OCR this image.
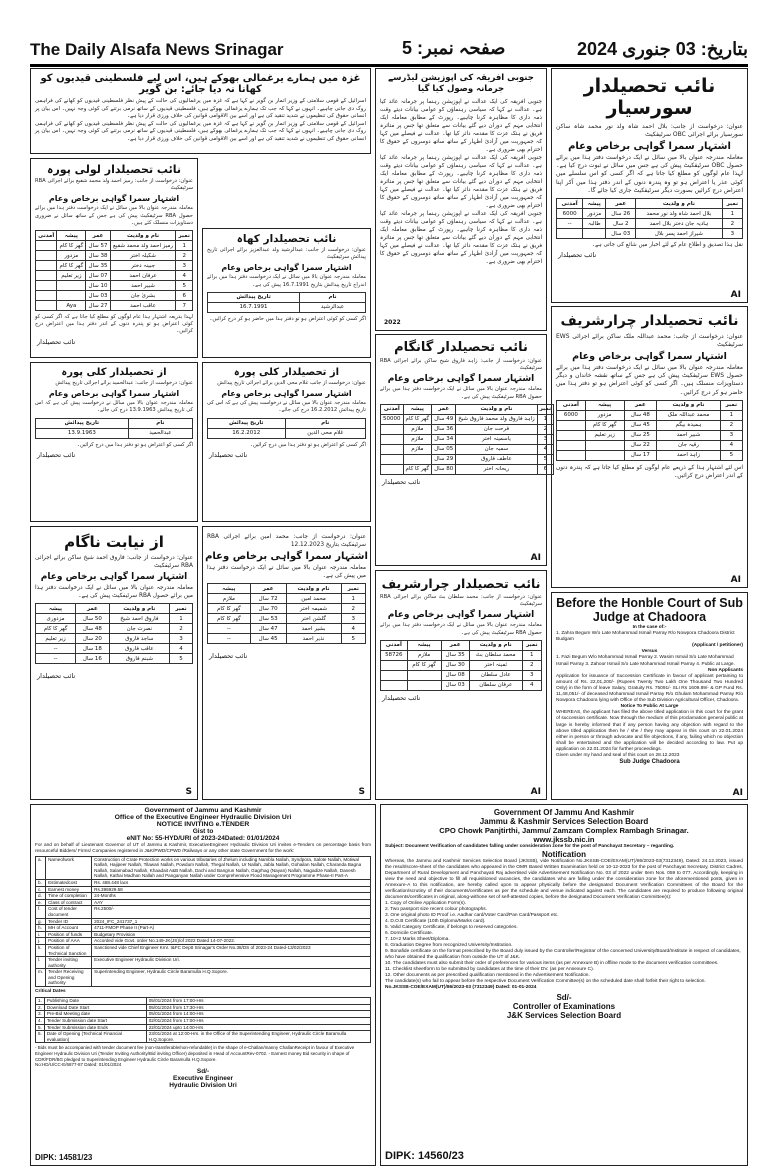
The Daily Alsafa News Srinagar	صفحہ نمبر: 5	بتاریخ: 03 جنوری 2024
نائب تحصیلدار سورسیار
عنوان: درخواست از جانب: بلال احمد شاہ ولد نور محمد شاہ ساکن سورسیار برائے اجرائی OBC سرٹیفکیٹ
اشتہار سمرا گواہی برخاص وعام
معاملہ مندرجہ عنوان بالا میں سائل نے ایک درخواست دفتر ہذا میں برائے حصول OBC سرٹیفکیٹ پیش کی ہے جس میں سائل نے ثبوت درج کیا ہے۔ لہذا عام لوگوں کو مطلع کیا جاتا ہے کہ اگر کسی کو اس سلسلے میں کوئی عذر یا اعتراض ہو تو وہ پندرہ دنوں کے اندر دفتر ہذا میں آکر اپنا اعتراض درج کرائیں بصورت دیگر سرٹیفکیٹ جاری کیا جائے گا۔
نمبر	نام و ولدیت	عمر	پیشہ	آمدنی
1	بلال احمد شاہ ولد نور محمد	26 سال	مزدور	6000
2	ہادیہ جان دختر بلال احمد	2 سال	طالبہ	--
3	شیراز احمد پسر بلال	03 سال		
نقل ہذا تصدیق و اطلاع عام کے لئے اخبار میں شائع کی جاتی ہے۔
نائب تحصیلدار
AI
نائب تحصیلدار چرارشریف
عنوان: درخواست از جانب: محمد عبداللہ ملک ساکن برائے اجرائی EWS سرٹیفکیٹ
اشتہار سمرا گواہی برخاص وعام
معاملہ مندرجہ عنوان بالا میں سائل نے ایک درخواست دفتر ہذا میں برائے حصول EWS سرٹیفکیٹ پیش کی ہے جس کے ساتھ نقشہ خاندان و دیگر دستاویزات منسلک ہیں۔ اگر کسی کو کوئی اعتراض ہو تو دفتر ہذا میں حاضر ہو کر درج کرائیں۔
نمبر	نام و ولدیت	عمر	پیشہ	آمدنی
1	محمد عبداللہ ملک	48 سال	مزدور	6000
2	ہمیدہ بیگم	45 سال	گھر کا کام	
3	شبیر احمد	25 سال	زیر تعلیم	
4	رقیہ جان	22 سال		
5	زاہد احمد	17 سال		
اس لئے اشتہار ہذا کے ذریعے عام لوگوں کو مطلع کیا جاتا ہے کہ پندرہ دنوں کے اندر اعتراض درج کرائیں۔
AI
Before the Honble Court of Sub Judge at Chadoora
In the case of:-
1. Zahra Begum W/o Late Mohammad Ismail Parray R/o Nowpora Chadoora District Budgam
(Applicant / petitioner)
Versus
1. Fazi Begum W/o Mohammad Ismail Parray 2. Wasim Ismail S/o Late Mohammad Ismail Parray 3. Zahoor Ismail S/o Late Mohammad Ismail Parray 4. Public at Large.
Non Applicants
Application for issuance of Succession Certificate in favour of applicant pertaining to amount of Rs. 22,01,200/- (Rupees Twenty Two Lakh One Thousand Two Hundred Only) in the form of leave Salary, Gratuity Rs. 75091/- SLI Rs 1609.89/- & GP Fund Rs. 11,48,051/- of deceased Mohammad Ismail Parray R/o Ghulam Mohammad Parray R/o Nowpora Chadoora lying with Office of the Sub Division Agricultural Officer, Chadoora.
Notice To Public At Large
WHEREAS, the applicant has filed the above titled application in this court for the grant of succession certificate. Now through the medium of this proclamation general public at large is hereby informed that if any person having any objection with regard to the above titled application then he / she / they may appear in this court on 22.01.2024 either in person or through advocate and file objections, if any, failing which no objection shall be entertained and the application will be decided according to law. Put up application on 22.01.2024 for further proceedings.
Given under my hand and seal of this court on 28.12.2023
Sub Judge Chadoora
AI
جنوبی افریقہ کی اپوزیشن لیڈرسے جرمانہ وصول کیا گیا
جنوبی افریقہ کی ایک عدالت نے اپوزیشن رہنما پر جرمانہ عائد کیا ہے۔ عدالت نے کہا کہ سیاسی رہنماؤں کو عوامی بیانات دیتے وقت ذمہ داری کا مظاہرہ کرنا چاہیے۔ رپورٹ کے مطابق معاملہ ایک انتخابی مہم کے دوران دیے گئے بیانات سے متعلق تھا جس پر متاثرہ فریق نے ہتک عزت کا مقدمہ دائر کیا تھا۔ عدالت نے فیصلے میں کہا کہ جمہوریت میں آزادیٔ اظہار کے ساتھ ساتھ دوسروں کے حقوق کا احترام بھی ضروری ہے۔
جنوبی افریقہ کی ایک عدالت نے اپوزیشن رہنما پر جرمانہ عائد کیا ہے۔ عدالت نے کہا کہ سیاسی رہنماؤں کو عوامی بیانات دیتے وقت ذمہ داری کا مظاہرہ کرنا چاہیے۔ رپورٹ کے مطابق معاملہ ایک انتخابی مہم کے دوران دیے گئے بیانات سے متعلق تھا جس پر متاثرہ فریق نے ہتک عزت کا مقدمہ دائر کیا تھا۔ عدالت نے فیصلے میں کہا کہ جمہوریت میں آزادیٔ اظہار کے ساتھ ساتھ دوسروں کے حقوق کا احترام بھی ضروری ہے۔
جنوبی افریقہ کی ایک عدالت نے اپوزیشن رہنما پر جرمانہ عائد کیا ہے۔ عدالت نے کہا کہ سیاسی رہنماؤں کو عوامی بیانات دیتے وقت ذمہ داری کا مظاہرہ کرنا چاہیے۔ رپورٹ کے مطابق معاملہ ایک انتخابی مہم کے دوران دیے گئے بیانات سے متعلق تھا جس پر متاثرہ فریق نے ہتک عزت کا مقدمہ دائر کیا تھا۔ عدالت نے فیصلے میں کہا کہ جمہوریت میں آزادیٔ اظہار کے ساتھ ساتھ دوسروں کے حقوق کا احترام بھی ضروری ہے۔
2022
نائب تحصیلدار گانگام
عنوان: درخواست از جانب: زاہد فاروق شیخ ساکن برائے اجرائی RBA سرٹیفکیٹ
اشتہار سمرا گواہی برخاص وعام
معاملہ مندرجہ عنوان بالا میں سائل نے ایک درخواست دفتر ہذا میں برائے حصول RBA سرٹیفکیٹ پیش کی ہے۔
نمبر	نام و ولدیت	عمر	پیشہ	آمدنی
1	زاہد فاروق ولد محمد فاروق شیخ	49 سال	گھر کا کام	50000
2	فرحت جان	36 سال	ملازم	
3	یاسمینہ اختر	34 سال	ملازم	
4	سمیہ جان	05 سال	ملازم	
5	عاطف فاروق	29 سال		
6	ریحانہ اختر	80 سال	گھر کا کام	
نائب تحصیلدار
AI
نائب تحصیلدار چرارشریف
عنوان: درخواست از جانب: محمد سلطان بٹ ساکن برائے اجرائی RBA سرٹیفکیٹ
اشتہار سمرا گواہی برخاص وعام
معاملہ مندرجہ عنوان بالا میں سائل نے ایک درخواست دفتر ہذا میں برائے حصول RBA سرٹیفکیٹ پیش کی ہے۔
نمبر	نام و ولدیت	عمر	پیشہ	آمدنی
1	محمد سلطان بٹ	35 سال	ملازم	58726
2	ثمینہ اختر	30 سال	گھر کا کام	
3	عادل سلطان	08 سال		
4	عرفان سلطان	03 سال		
نائب تحصیلدار
AI
غزہ میں ہمارے یرغمالی بھوکے ہیں، اس لیے فلسطینی قیدیوں کو کھانا نہ دیا جائے: بن گویر
اسرائیل کے قومی سلامتی کے وزیر اتمار بن گویر نے کہا ہے کہ غزہ میں یرغمالیوں کی حالت کے پیش نظر فلسطینی قیدیوں کو کھانے کی فراہمی روک دی جانی چاہیے۔ انہوں نے کہا کہ جب تک ہمارے یرغمالی بھوکے ہیں، فلسطینی قیدیوں کے ساتھ نرمی برتنے کی کوئی وجہ نہیں۔ اس بیان پر انسانی حقوق کی تنظیموں نے شدید تنقید کی ہے اور اسے بین الاقوامی قوانین کی خلاف ورزی قرار دیا ہے۔
اسرائیل کے قومی سلامتی کے وزیر اتمار بن گویر نے کہا ہے کہ غزہ میں یرغمالیوں کی حالت کے پیش نظر فلسطینی قیدیوں کو کھانے کی فراہمی روک دی جانی چاہیے۔ انہوں نے کہا کہ جب تک ہمارے یرغمالی بھوکے ہیں، فلسطینی قیدیوں کے ساتھ نرمی برتنے کی کوئی وجہ نہیں۔ اس بیان پر انسانی حقوق کی تنظیموں نے شدید تنقید کی ہے اور اسے بین الاقوامی قوانین کی خلاف ورزی قرار دیا ہے۔
نائب تحصیلدار لولی پورہ
عنوان: درخواست از جانب: رمیز احمد ولد محمد شفیع برائے اجرائی RBA سرٹیفکیٹ
اشتہار سمرا گواہی برخاص وعام
معاملہ مندرجہ عنوان بالا میں سائل نے ایک درخواست دفتر ہذا میں برائے حصول RBA سرٹیفکیٹ پیش کی ہے جس کے ساتھ سائل نے ضروری دستاویزات منسلک کئے ہیں۔
نمبر	نام و ولدیت	عمر	پیشہ	آمدنی
1	رمیز احمد ولد محمد شفیع	57 سال	گھر کا کام	
2	شکیلہ اختر	38 سال	مزدور	
3	جبینہ دختر	35 سال	گھر کا کام	
4	عرفان احمد	07 سال	زیر تعلیم	
5	شبیر احمد	10 سال		
6	بشریٰ جان	03 سال		
7	عاقب احمد	27 سال	Aya	
لہذا بذریعہ اشتہار ہذا عام لوگوں کو مطلع کیا جاتا ہے کہ اگر کسی کو کوئی اعتراض ہو تو پندرہ دنوں کے اندر دفتر ہذا میں اعتراض درج کرائیں۔
نائب تحصیلدار
نائب تحصیلدار کھاہ
عنوان: درخواست از جانب: عبدالرشید ولد عبدالعزیز برائے اجرائی تاریخ پیدائش سرٹیفکیٹ
اشتہار سمرا گواہی برخاص وعام
معاملہ مندرجہ عنوان بالا میں سائل نے ایک درخواست دفتر ہذا میں برائے اندراج تاریخ پیدائش بتاریخ 16.7.1991 پیش کی ہے۔
نام	تاریخ پیدائش
عبدالرشید	16.7.1991
اگر کسی کو کوئی اعتراض ہو تو دفتر ہذا میں حاضر ہو کر درج کرائیں۔
از تحصیلدار کلی پورہ
عنوان: درخواست از جانب: عبدالحمید برائے اجرائی تاریخ پیدائش
اشتہار سمرا گواہی برخاص وعام
معاملہ مندرجہ عنوان بالا میں سائل نے درخواست پیش کی ہے کہ اس کی تاریخ پیدائش 13.9.1963 درج کی جائے۔
نام	تاریخ پیدائش
عبدالحمید	13.9.1963
اگر کسی کو اعتراض ہو تو دفتر ہذا میں درج کرائیں۔
نائب تحصیلدار
از تحصیلدار کلی پورہ
عنوان: درخواست از جانب غلام محی الدین برائے اجرائی تاریخ پیدائش
اشتہار سمرا گواہی برخاص وعام
معاملہ مندرجہ عنوان بالا میں سائل نے درخواست پیش کی ہے کہ اس کی تاریخ پیدائش 16.2.2012 درج کی جائے۔
نام	تاریخ پیدائش
غلام محی الدین	16.2.2012
اگر کسی کو اعتراض ہو تو دفتر ہذا میں درج کرائیں۔
نائب تحصیلدار
از نیابت ناگام
عنوان: درخواست از جانب: فاروق احمد شیخ ساکن برائے اجرائی RBA سرٹیفکیٹ
اشتہار سمرا گواہی برخاص وعام
معاملہ مندرجہ عنوان بالا میں سائل نے ایک درخواست دفتر ہذا میں برائے حصول RBA سرٹیفکیٹ پیش کی ہے۔
نمبر	نام و ولدیت	عمر	پیشہ
1	فاروق احمد شیخ	50 سال	مزدوری
2	نصرت جان	48 سال	گھر کا کام
3	ساجد فاروق	20 سال	زیر تعلیم
4	عاقب فاروق	18 سال	--
5	شبنم فاروق	16 سال	--
نائب تحصیلدار
S
عنوان: درخواست از جانب: محمد امین برائے اجرائی RBA سرٹیفکیٹ بتاریخ 12.12.2023
اشتہار سمرا گواہی برخاص وعام
معاملہ مندرجہ عنوان بالا میں سائل نے ایک درخواست دفتر ہذا میں پیش کی ہے۔
نمبر	نام و ولدیت	عمر	پیشہ
1	محمد امین	72 سال	ملازم
2	شمیمہ اختر	70 سال	گھر کا کام
3	گلشن اختر	53 سال	گھر کا کام
4	بشیر احمد	47 سال	--
5	نذیر احمد	45 سال	--
نائب تحصیلدار
S
Government of Jammu and Kashmir
Office of the Executive Engineer Hydraulic Division Uri
NOTICE INVITING e.TENDER
Gist to
eNIT No: 55-HYD/URI of 2023-24Dated: 01/01/2024
For and on behalf of Lieutenant Governor of UT of Jammu & Kashmir, ExecutiveEngineer Hydraulic Division Uri invites e-Tenders on percentage basis from resourceful Bidders/ Firms/ Companies registered in J&K/PWD/CPWD /Railways or any other state Government for the work:
a.	Nameofwork	Construction of Crate Protection works on various tributaries of Jhelum including Nambla Nallah, Syndpora, Salote Nallah, Motiwal Nallah, Hajipeer Nallah, Tilawari Nallah, Powdum Nallah, Thegal Nallah, Ur Nallah, Jabla Nallah, Gohailan Nallah, Charanda Bagna Nallah, Salamabad Nallah, Khaadait A&B Nallah, Dachi and Bangrun Nallah, Gagrhag (Nayan) Nallah, Nagadize Nallah, Danesh Nallah, Kathai Madhan Nallah and Panganyan Nallah under Comprehensive Flood Management Programme Phase-II Part-A
b.	Estimatedcost	Rs. 488.448 lacs
c.	Earnest money	Rs.396929.58
d.	Time of completion	24-Months
e.	Class of contract	AAY
f.	Cost of tender document	Rs.2500/-
g.	Tender ID	2024_IFC_241737_1
h.	MH of Account	4711-FMOP Phase II (Part-A)
i.	Position of funds	Budgetary Provision
j.	Position of AAA	Accorded vide Govt. order No.149-JK(JS)/of 2022 Dated 14-07-2022.
k.	Position of Technical Sanction	Sanctioned vide Chief Engineer Kmr. I&FC Deptt Srinagar's Order No.38/DS of 2023-24 Dated-13/02/2023
l.	Tender inviting authority	Executive Engineer Hydraulic Division Uri.
m.	Tender Receiving and Opening authority	Superintending Engineer, Hydraulic Circle Baramulla H.Q.Sopore.
Critical Dates
1.	Publishing Date	05/01/2024 from 17:00-Hrs
2.	Download Date Start	05/01/2024 from 17:30-Hrs
3.	Pre-Bid Meeting date	05/01/2024 from 14:00-Hrs
4.	Tender Submission date Start	02/01/2024 from 17:00-Hrs
5.	Tender Submission date Ends	22/01/2024 upto 14:00-Hrs
6.	Date of Opening (Technical Financial evaluation)	23/01/2024 at 12:00-Hrs. in the Office of the Superintending Engineer, Hydraulic Circle Baramulla H.Q.Sopore.
- Bids must be accompanied with tender document fee (non-transferable/non-refundable) in the shape of e-Challan/manny ChallanReceipt in favour of Executive Engineer Hydraulic Division Uri (Tender Inviting Authority/Bid inviting Officer) deposited in Head of AccountRev-0702. - Earnest money Bid security in shape of CDR/FDR/BG pledged to Superintending Engineer Hydraulic Circle Baramulla H.Q.Sopore.
No:HD/U/CC-E/6877-87 Dated: 01/01/2024
Sd/-
Executive Engineer
Hydraulic Division Uri
DIPK: 14581/23
Government Of Jammu And Kashmir
Jammu & Kashmir Services Selection Board
CPO Chowk Panjtirthi, Jammu/ Zamzam Complex Rambagh Srinagar.
www.jkssb.nic.in
Subject: Document Verification of candidates falling under consideration zone for the post of Panchayat Secretary – regarding.
Notification
Whereas, the Jammu and Kashmir Services Selection Board (JKSSB), vide Notification No.JKSSB-COE/EXAM(UT)/86/2023-03(7312349), Dated: 24.12.2023, issued the result/score-sheet of the candidates who appeared in the OMR Based Written Examination held on 10-12-2023 for the post of Panchayat Secretary, District Cadres, Department of Rural Development and Panchayati Raj advertised vide Advertisement Notification No. 03 of 2022 under Item Nos. 059 to 077. Accordingly, keeping in view the need and objective to fill all requisitioned vacancies, the candidates who are falling under the consideration zone for the aforementioned posts, given in Annexure-A to this notification, are hereby called upon to appear physically before the designated Document Verification Committees of the Board for the verification/scrutiny of their documents/certificates as per the schedule and venue indicated against each. The candidates are required to produce following original documents/certificates in original, along-withone set of self-attested copies, before the designated Document Verification Committee(s):
1. Copy of Online Application Form(s).
2. Two passport size recent colour photographs.
3. One original photo ID Proof i.e. Aadhar card/Voter Card/Pan Card/Passport etc.
4. D.O.B Certificate (10th Diploma/Marks card).
5. Valid Category Certificate, if belongs to reserved categories.
6. Domicile Certificate.
7. 10+2 Marks Sheet/Diploma.
8. Graduation Degree from recognized University/Institution.
9. Bonafide certificate on the format prescribed by the Board duly issued by the Controller/Registrar of the concerned University/Board/Institute in respect of candidates, who have obtained the qualification from outside the UT of J&K.
10. The candidates must also submit their order of preferences for various items (as per Annexure B) in offline mode to the document verification committees.
11. Checklist sheetform to be submitted by candidates at the time of their DV. (as per Annexure C).
12. Other documents as per prescribed qualification mentioned in the Advertisement Notification.
The candidate(s) who fail to appear before the respective Document Verification Committee(s) on the scheduled date shall forfeit their right to selection.
No.JKSSB-COE/EXAM(UT)/86/2023-03 (7312349) Dated: 01-01-2024
Sd/-
Controller of Examinations
J&K Services Selection Board
DIPK: 14560/23
